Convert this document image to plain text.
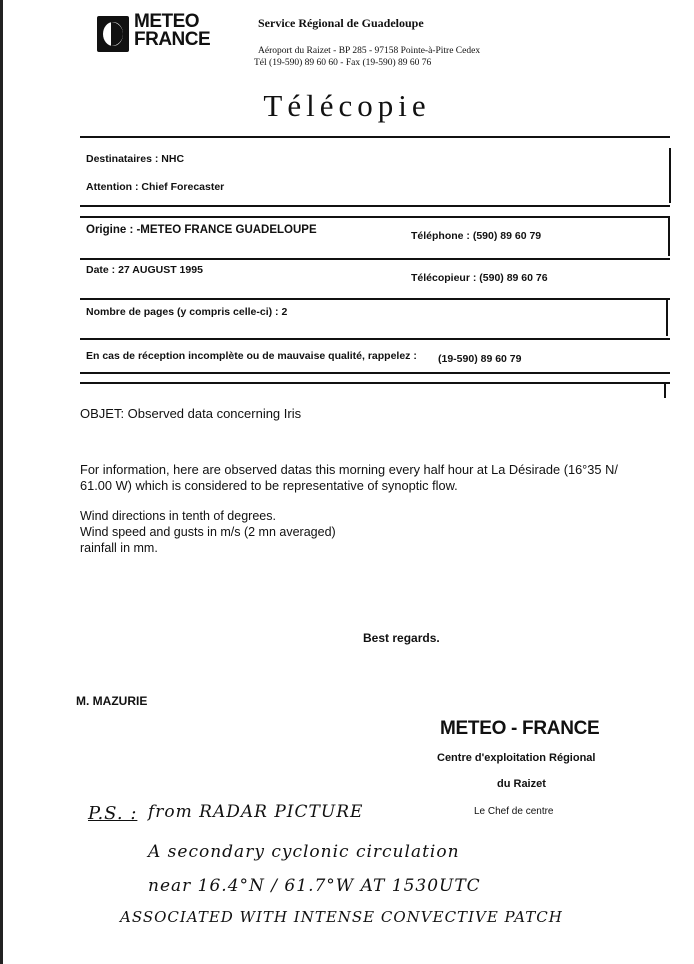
METEO
FRANCE
Service Régional de Guadeloupe
Aéroport du Raizet - BP 285 - 97158 Pointe-à-Pitre Cedex
Tél (19-590) 89 60 60 - Fax (19-590) 89 60 76
Télécopie
Destinataires : NHC
Attention : Chief Forecaster
Origine : -METEO FRANCE GUADELOUPE	Téléphone : (590) 89 60 79
Date : 27 AUGUST 1995
Télécopieur : (590) 89 60 76
Nombre de pages (y compris celle-ci) : 2
En cas de réception incomplète ou de mauvaise qualité, rappelez : (19-590) 89 60 79
OBJET: Observed data concerning Iris
For information, here are observed datas this morning every half hour at La Désirade (16°35 N/
61.00 W) which is considered to be representative of synoptic flow.
Wind directions in tenth of degrees.
Wind speed and gusts in m/s (2 mn averaged)
rainfall in mm.
Best regards.
M. MAZURIE
METEO - FRANCE
Centre d'exploitation Régional
du Raizet
Le Chef de centre
P.S. : from RADAR PICTURE
A secondary cyclonic circulation
near 16.4°N / 61.7°W AT 1530UTC
ASSOCIATED WITH INTENSE CONVECTIVE PATCH
